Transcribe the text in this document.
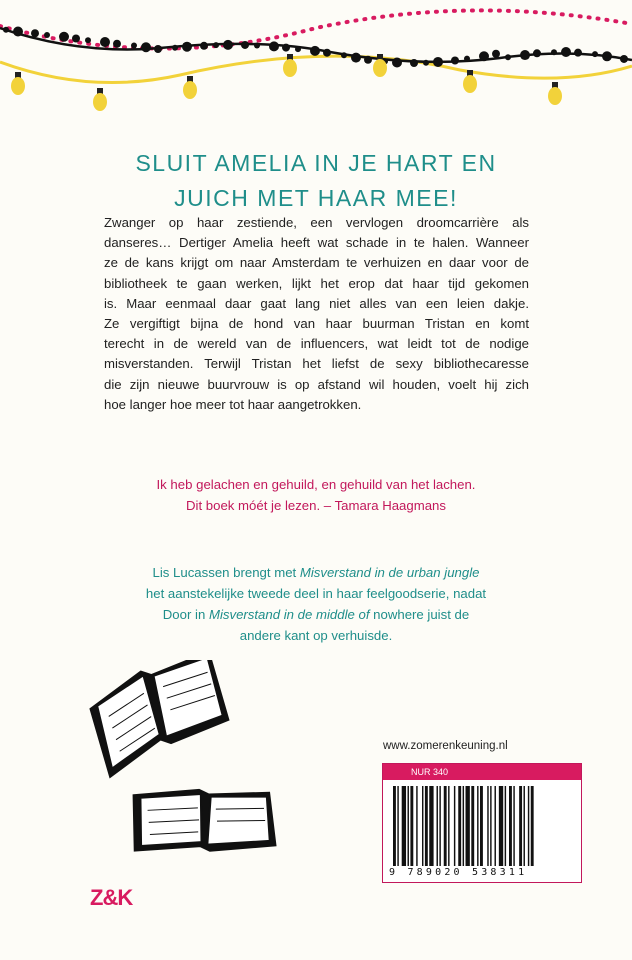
SLUIT AMELIA IN JE HART EN
JUICH MET HAAR MEE!
Zwanger op haar zestiende, een vervlogen droomcarrière als
danseres… Dertiger Amelia heeft wat schade in te halen. Wanneer
ze de kans krijgt om naar Amsterdam te verhuizen en daar voor de
bibliotheek te gaan werken, lijkt het erop dat haar tijd gekomen
is. Maar eenmaal daar gaat lang niet alles van een leien dakje.
Ze vergiftigt bijna de hond van haar buurman Tristan en komt
terecht in de wereld van de influencers, wat leidt tot de nodige
misverstanden. Terwijl Tristan het liefst de sexy bibliothecaresse
die zijn nieuwe buurvrouw is op afstand wil houden, voelt hij zich
hoe langer hoe meer tot haar aangetrokken.
Ik heb gelachen en gehuild, en gehuild van het lachen.
Dit boek móét je lezen. – Tamara Haagmans
Lis Lucassen brengt met Misverstand in de urban jungle
het aanstekelijke tweede deel in haar feelgoodserie, nadat
Door in Misverstand in de middle of nowhere juist de
andere kant op verhuisde.
www.zomerenkeuning.nl
NUR 340
9 789020 538311
Z&K
